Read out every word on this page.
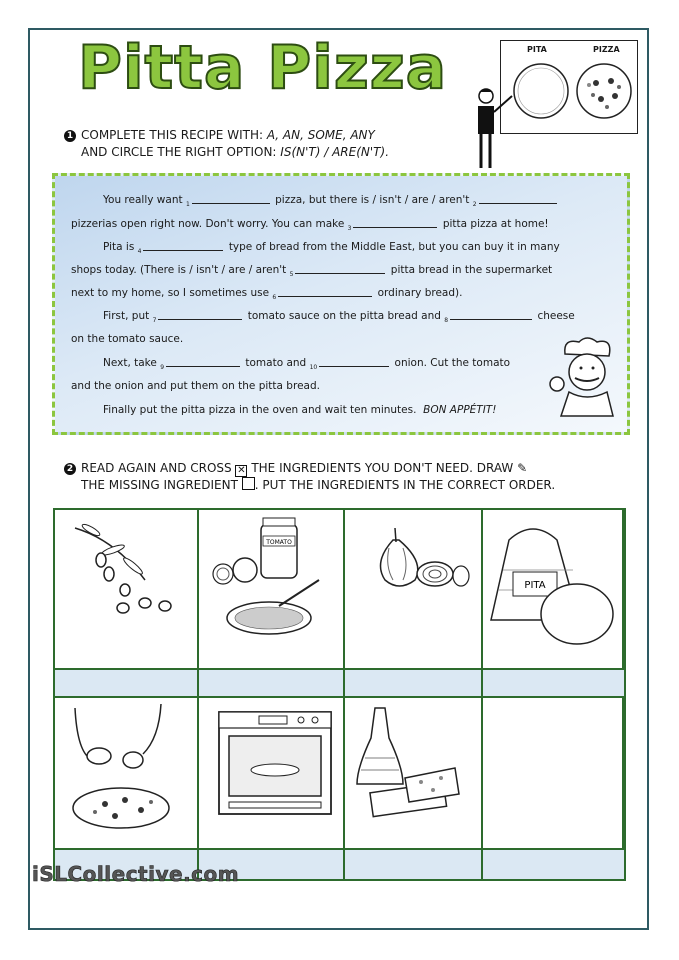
Pitta Pizza	PITA	PIZZA
1 COMPLETE THIS RECIPE WITH: A, AN, SOME, ANY
AND CIRCLE THE RIGHT OPTION: IS(N'T) / ARE(N'T).
You really want $_1$	pizza, but there is / isn't / are / aren't $_2$
pizzerias open right now. Don't worry. You can make $_3$	pitta pizza at home!
Pita is $_4$	type of bread from the Middle East, but you can buy it in many
shops today. (There is / isn't / are / aren't $_5$	pitta bread in the supermarket
next to my home, so I sometimes use $_6$	ordinary bread).
First, put $_7$	tomato sauce on the pitta bread and $_8$	cheese
on the tomato sauce.
Next, take $_9$	tomato and $_{10}$	onion. Cut the tomato
and the onion and put them on the pitta bread.
Finally put the pitta pizza in the oven and wait ten minutes. BON APPÉTIT!
2 READ AGAIN AND CROSS ✕ THE INGREDIENTS YOU DON'T NEED. DRAW ✎
THE MISSING INGREDIENT . PUT THE INGREDIENTS IN THE CORRECT ORDER.
TOMATO
PITA
iSLCollective.com
